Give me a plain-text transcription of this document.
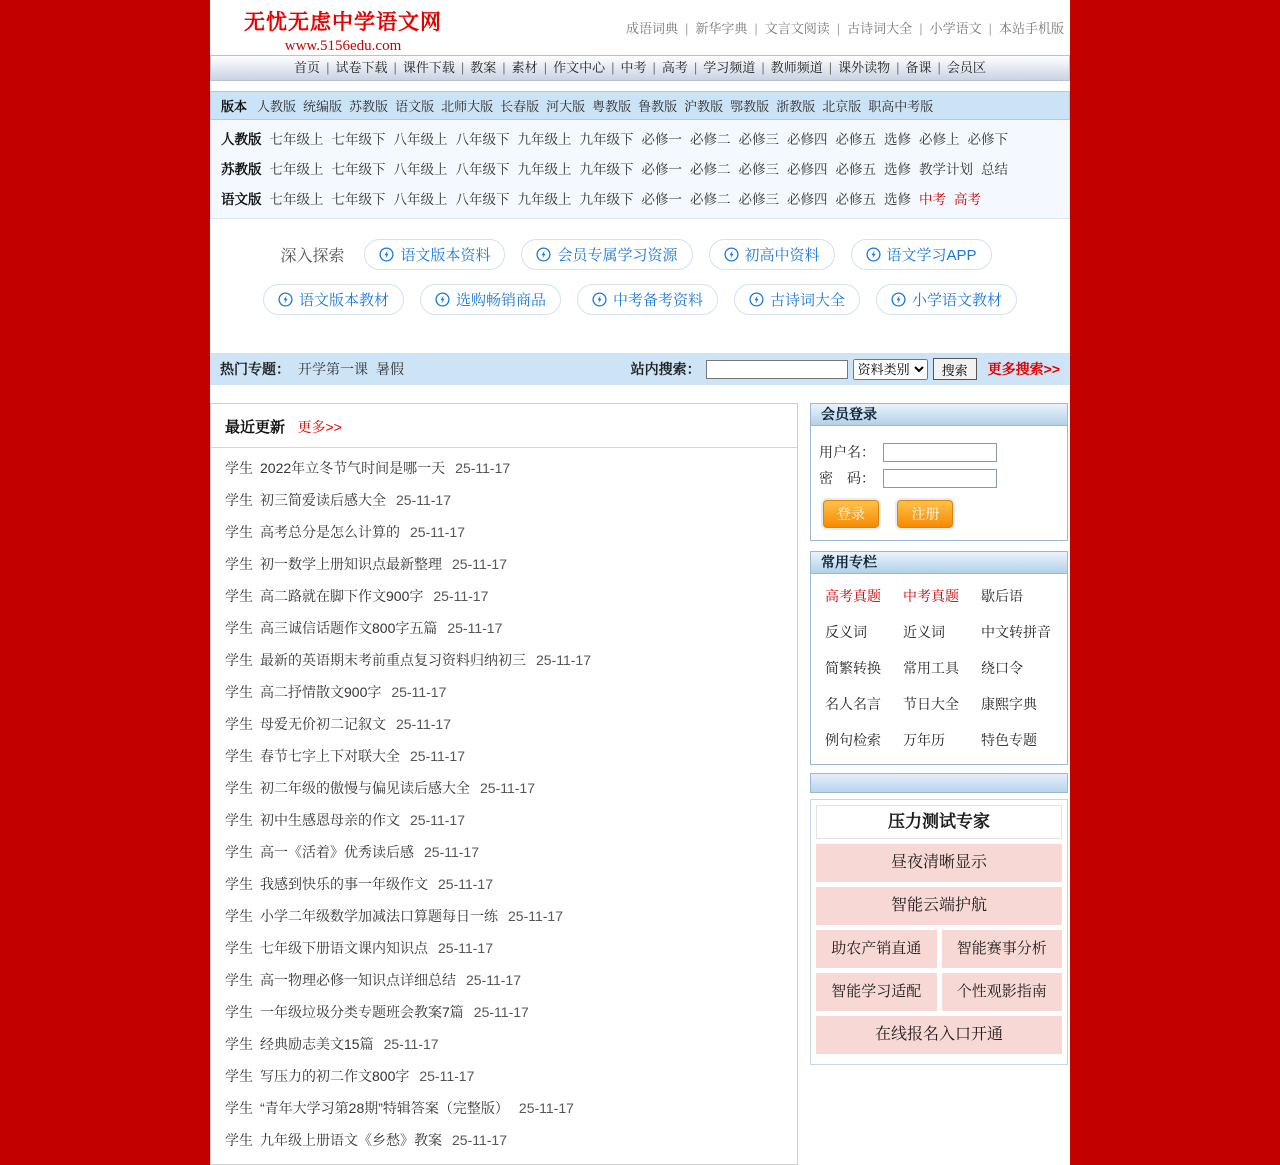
无忧无虑中学语文网
www.5156edu.com
成语词典 | 新华字典 | 文言文阅读 | 古诗词大全 | 小学语文 | 本站手机版
首页 | 试卷下载 | 课件下载 | 教案 | 素材 | 作文中心 | 中考 | 高考 | 学习频道 | 教师频道 | 课外读物 | 备课 | 会员区
版本 人教版 统编版 苏教版 语文版 北师大版 长春版 河大版 粤教版 鲁教版 沪教版 鄂教版 浙教版 北京版 职高中考版
人教版 七年级上 七年级下 八年级上 八年级下 九年级上 九年级下 必修一 必修二 必修三 必修四 必修五 选修 必修上 必修下
苏教版 七年级上 七年级下 八年级上 八年级下 九年级上 九年级下 必修一 必修二 必修三 必修四 必修五 选修 教学计划 总结
语文版 七年级上 七年级下 八年级上 八年级下 九年级上 九年级下 必修一 必修二 必修三 必修四 必修五 选修 中考 高考
深入探索	语文版本资料	会员专属学习资源	初高中资料	语文学习APP
语文版本教材	选购畅销商品	中考备考资料	古诗词大全	小学语文教材
热门专题： 开学第一课 暑假	站内搜索：
资料类别	搜索	更多搜索>>
最近更新 更多>>
学生 2022年立冬节气时间是哪一天 25-11-17
学生 初三简爱读后感大全 25-11-17
学生 高考总分是怎么计算的 25-11-17
学生 初一数学上册知识点最新整理 25-11-17
学生 高二路就在脚下作文900字 25-11-17
学生 高三诚信话题作文800字五篇 25-11-17
学生 最新的英语期末考前重点复习资料归纳初三 25-11-17
学生 高二抒情散文900字 25-11-17
学生 母爱无价初二记叙文 25-11-17
学生 春节七字上下对联大全 25-11-17
学生 初二年级的傲慢与偏见读后感大全 25-11-17
学生 初中生感恩母亲的作文 25-11-17
学生 高一《活着》优秀读后感 25-11-17
学生 我感到快乐的事一年级作文 25-11-17
学生 小学二年级数学加减法口算题每日一练 25-11-17
学生 七年级下册语文课内知识点 25-11-17
学生 高一物理必修一知识点详细总结 25-11-17
学生 一年级垃圾分类专题班会教案7篇 25-11-17
学生 经典励志美文15篇 25-11-17
学生 写压力的初二作文800字 25-11-17
学生 “青年大学习第28期”特辑答案（完整版） 25-11-17
学生 九年级上册语文《乡愁》教案 25-11-17
会员登录
用户名：
密　码：
登录	注册
常用专栏
高考真题	中考真题	歇后语
反义词	近义词	中文转拼音
简繁转换	常用工具	绕口令
名人名言	节日大全	康熙字典
例句检索	万年历	特色专题
压力测试专家
昼夜清晰显示
智能云端护航
助农产销直通	智能赛事分析
智能学习适配	个性观影指南
在线报名入口开通
